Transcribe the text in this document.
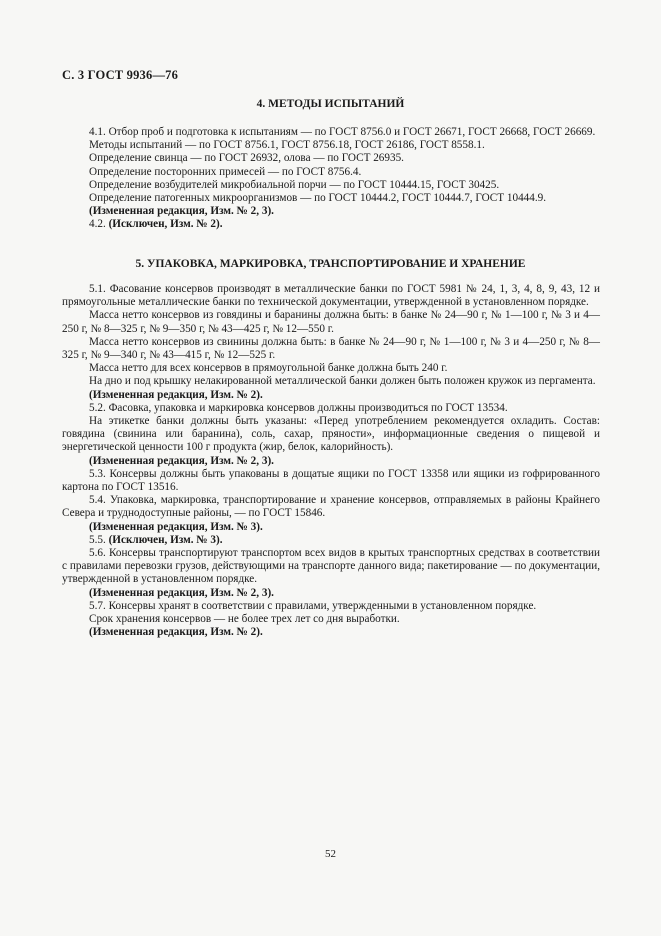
С. 3 ГОСТ 9936—76
4. МЕТОДЫ ИСПЫТАНИЙ

4.1. Отбор проб и подготовка к испытаниям — по ГОСТ 8756.0 и ГОСТ 26671, ГОСТ 26668, ГОСТ 26669.

Методы испытаний — по ГОСТ 8756.1, ГОСТ 8756.18, ГОСТ 26186, ГОСТ 8558.1.

Определение свинца — по ГОСТ 26932, олова — по ГОСТ 26935.

Определение посторонних примесей — по ГОСТ 8756.4.

Определение возбудителей микробиальной порчи — по ГОСТ 10444.15, ГОСТ 30425.

Определение патогенных микроорганизмов — по ГОСТ 10444.2, ГОСТ 10444.7, ГОСТ 10444.9.

(Измененная редакция, Изм. № 2, 3).

4.2. (Исключен, Изм. № 2).

5. УПАКОВКА, МАРКИРОВКА, ТРАНСПОРТИРОВАНИЕ И ХРАНЕНИЕ

5.1. Фасование консервов производят в металлические банки по ГОСТ 5981 № 24, 1, 3, 4, 8, 9, 43, 12 и прямоугольные металлические банки по технической документации, утвержденной в установленном порядке.

Масса нетто консервов из говядины и баранины должна быть: в банке № 24—90 г, № 1—100 г, № 3 и 4—250 г, № 8—325 г, № 9—350 г, № 43—425 г, № 12—550 г.

Масса нетто консервов из свинины должна быть: в банке № 24—90 г, № 1—100 г, № 3 и 4—250 г, № 8—325 г, № 9—340 г, № 43—415 г, № 12—525 г.

Масса нетто для всех консервов в прямоугольной банке должна быть 240 г.

На дно и под крышку нелакированной металлической банки должен быть положен кружок из пергамента.

(Измененная редакция, Изм. № 2).

5.2. Фасовка, упаковка и маркировка консервов должны производиться по ГОСТ 13534.

На этикетке банки должны быть указаны: «Перед употреблением рекомендуется охладить. Состав: говядина (свинина или баранина), соль, сахар, пряности», информационные сведения о пищевой и энергетической ценности 100 г продукта (жир, белок, калорийность).

(Измененная редакция, Изм. № 2, 3).

5.3. Консервы должны быть упакованы в дощатые ящики по ГОСТ 13358 или ящики из гофрированного картона по ГОСТ 13516.

5.4. Упаковка, маркировка, транспортирование и хранение консервов, отправляемых в районы Крайнего Севера и труднодоступные районы, — по ГОСТ 15846.

(Измененная редакция, Изм. № 3).

5.5. (Исключен, Изм. № 3).

5.6. Консервы транспортируют транспортом всех видов в крытых транспортных средствах в соответствии с правилами перевозки грузов, действующими на транспорте данного вида; пакетирование — по документации, утвержденной в установленном порядке.

(Измененная редакция, Изм. № 2, 3).

5.7. Консервы хранят в соответствии с правилами, утвержденными в установленном порядке.

Срок хранения консервов — не более трех лет со дня выработки.

(Измененная редакция, Изм. № 2).

52
